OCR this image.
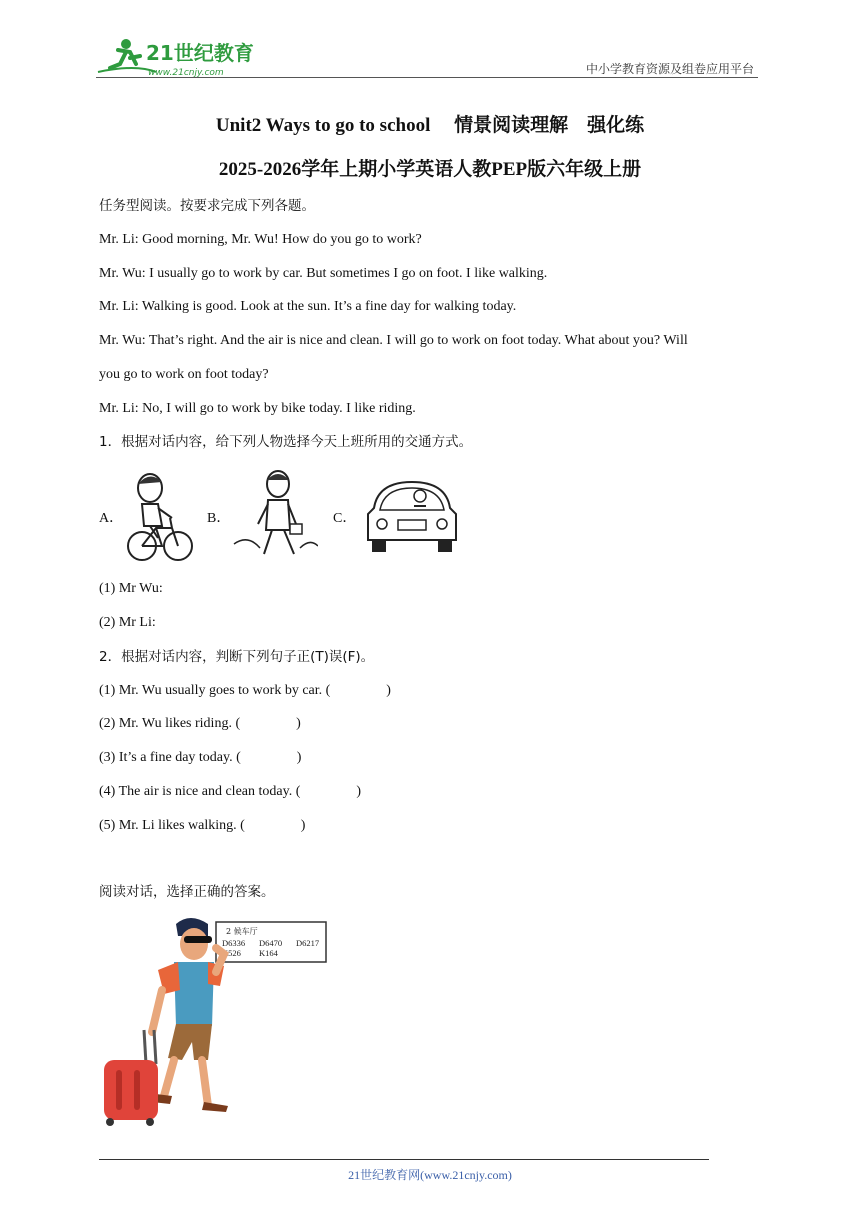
21世纪教育
www.21cnjy.com	中小学教育资源及组卷应用平台
Unit2 Ways to go to school　 情景阅读理解　强化练
2025-2026学年上期小学英语人教PEP版六年级上册
任务型阅读。按要求完成下列各题。
Mr. Li: Good morning, Mr. Wu! How do you go to work?
Mr. Wu: I usually go to work by car. But sometimes I go on foot. I like walking.
Mr. Li: Walking is good. Look at the sun. It’s a fine day for walking today.
Mr. Wu: That’s right. And the air is nice and clean. I will go to work on foot today. What about you? Will
you go to work on foot today?
Mr. Li: No, I will go to work by bike today. I like riding.
1．根据对话内容，给下列人物选择今天上班所用的交通方式。
A．	B．	C．
(1) Mr Wu:
(2) Mr Li:
2．根据对话内容，判断下列句子正(T)误(F)。
(1) Mr. Wu usually goes to work by car. (　　　　)
(2) Mr. Wu likes riding. (　　　　)
(3) It’s a fine day today. (　　　　)
(4) The air is nice and clean today. (　　　　)
(5) Mr. Li likes walking. (　　　　)
阅读对话，选择正确的答案。
2 候车厅
D6336 D6470 D6217
K526 K164
21世纪教育网(www.21cnjy.com)
